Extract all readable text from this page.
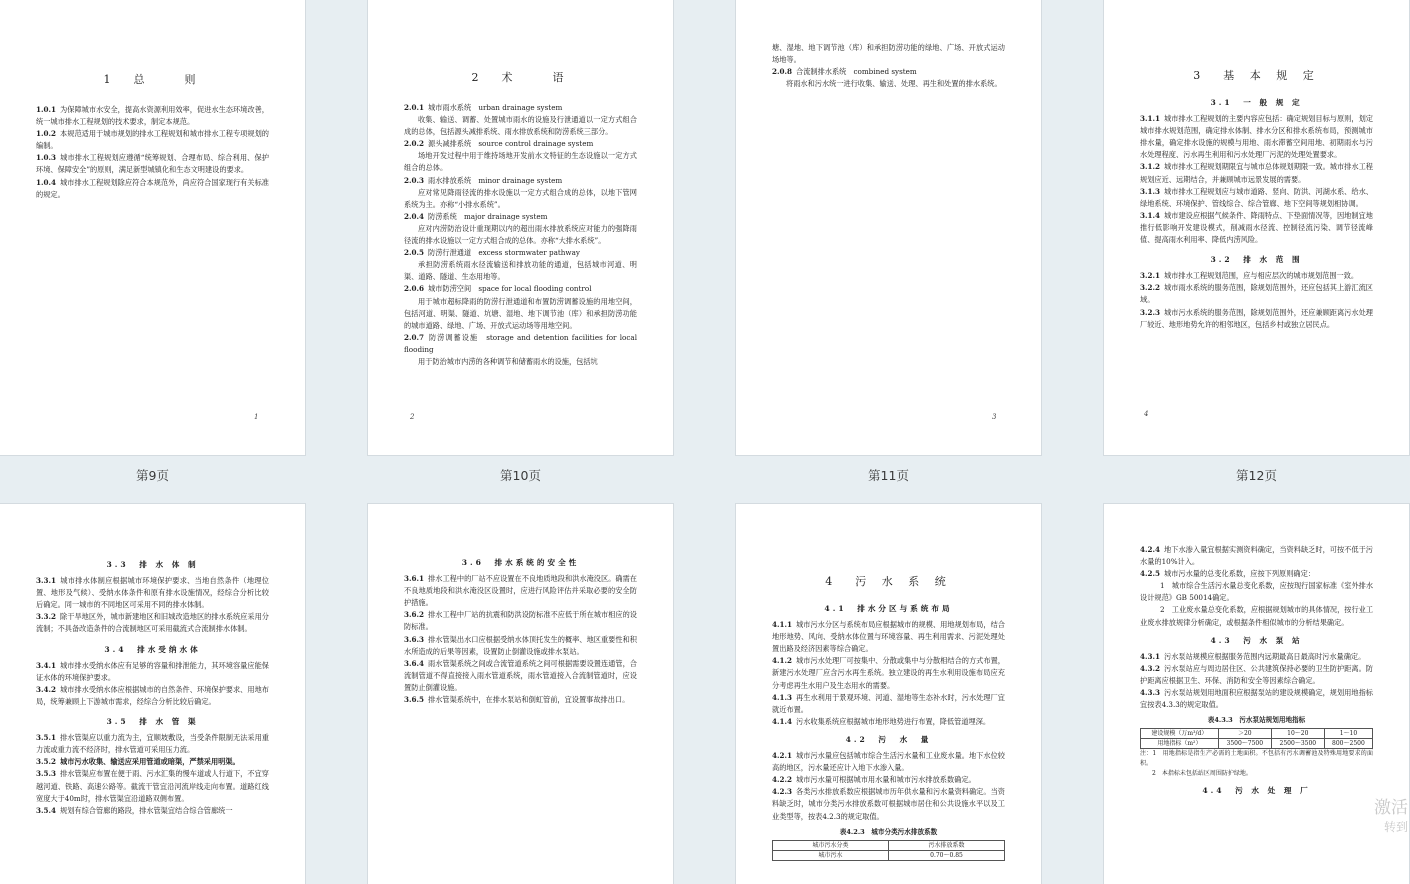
1　总　　则

1.0.1 为保障城市水安全，提高水资源利用效率，促进水生态环境改善，统一城市排水工程规划的技术要求，制定本规范。

1.0.2 本规范适用于城市规划的排水工程规划和城市排水工程专项规划的编制。

1.0.3 城市排水工程规划应遵循“统筹规划、合理布局、综合利用、保护环境、保障安全”的原则，满足新型城镇化和生态文明建设的要求。

1.0.4 城市排水工程规划除应符合本规范外，尚应符合国家现行有关标准的规定。

1
2　术　　语

2.0.1 城市雨水系统　urban drainage system

收集、输送、调蓄、处置城市雨水的设施及行泄通道以一定方式组合成的总体，包括源头减排系统、雨水排放系统和防涝系统三部分。

2.0.2 源头减排系统　source control drainage system

场地开发过程中用于维持场地开发前水文特征的生态设施以一定方式组合的总体。

2.0.3 雨水排放系统　minor drainage system

应对常见降雨径流的排水设施以一定方式组合成的总体，以地下管网系统为主。亦称“小排水系统”。

2.0.4 防涝系统　major drainage system

应对内涝防治设计重现期以内的超出雨水排放系统应对能力的强降雨径流的排水设施以一定方式组合成的总体。亦称“大排水系统”。

2.0.5 防涝行泄通道　excess stormwater pathway

承担防涝系统雨水径流输送和排放功能的通道，包括城市河道、明渠、道路、隧道、生态用地等。

2.0.6 城市防涝空间　space for local flooding control

用于城市超标降雨的防涝行泄通道和布置防涝调蓄设施的用地空间，包括河道、明渠、隧道、坑塘、湿地、地下调节池（库）和承担防涝功能的城市道路、绿地、广场、开放式运动场等用地空间。

2.0.7 防涝调蓄设施　storage and detention facilities for local flooding

用于防治城市内涝的各种调节和储蓄雨水的设施，包括坑

2

塘、湿地、地下调节池（库）和承担防涝功能的绿地、广场、开放式运动场地等。

2.0.8 合流制排水系统　combined system

将雨水和污水统一进行收集、输送、处理、再生和处置的排水系统。

3
3　基 本 规 定
3.1　一 般 规 定

3.1.1 城市排水工程规划的主要内容应包括：确定规划目标与原则，划定城市排水规划范围，确定排水体制、排水分区和排水系统布局，预测城市排水量，确定排水设施的规模与用地、雨水滞蓄空间用地、初期雨水与污水处理程度、污水再生利用和污水处理厂污泥的处理处置要求。

3.1.2 城市排水工程规划期限宜与城市总体规划期限一致。城市排水工程规划应近、远期结合，并兼顾城市远景发展的需要。

3.1.3 城市排水工程规划应与城市道路、竖向、防洪、河湖水系、给水、绿地系统、环境保护、管线综合、综合管廊、地下空间等规划相协调。

3.1.4 城市建设应根据气候条件、降雨特点、下垫面情况等，因地制宜地推行低影响开发建设模式，削减雨水径流、控制径流污染、调节径流峰值、提高雨水利用率、降低内涝风险。

3.2　排 水 范 围

3.2.1 城市排水工程规划范围，应与相应层次的城市规划范围一致。

3.2.2 城市雨水系统的服务范围，除规划范围外，还应包括其上游汇流区域。

3.2.3 城市污水系统的服务范围，除规划范围外，还应兼顾距离污水处理厂较近、地形地势允许的相邻地区，包括乡村或独立居民点。

4
第9页	第10页	第11页	第12页
3.3　排 水 体 制

3.3.1 城市排水体制应根据城市环境保护要求、当地自然条件（地理位置、地形及气候）、受纳水体条件和原有排水设施情况，经综合分析比较后确定。同一城市的不同地区可采用不同的排水体制。

3.3.2 除干旱地区外，城市新建地区和旧城改造地区的排水系统应采用分流制；不具备改造条件的合流制地区可采用截流式合流制排水体制。

3.4　排水受纳水体

3.4.1 城市排水受纳水体应有足够的容量和排泄能力，其环境容量应能保证水体的环境保护要求。

3.4.2 城市排水受纳水体应根据城市的自然条件、环境保护要求、用地布局，统筹兼顾上下游城市需求，经综合分析比较后确定。

3.5　排 水 管 渠

3.5.1 排水管渠应以重力流为主，宜顺坡敷设，当受条件限制无法采用重力流或重力流不经济时，排水管道可采用压力流。

3.5.2 城市污水收集、输送应采用管道或暗渠，严禁采用明渠。

3.5.3 排水管渠应布置在便于雨、污水汇集的慢车道或人行道下，不宜穿越河道、铁路、高速公路等。截流干管宜沿河流岸线走向布置。道路红线宽度大于40m时，排水管渠宜沿道路双侧布置。

3.5.4 规划有综合管廊的路段，排水管渠宜结合综合管廊统一

3.6　排水系统的安全性

3.6.1 排水工程中的厂站不应设置在不良地质地段和洪水淹没区。确需在不良地质地段和洪水淹没区设置时，应进行风险评估并采取必要的安全防护措施。

3.6.2 排水工程中厂站的抗震和防洪设防标准不应低于所在城市相应的设防标准。

3.6.3 排水管渠出水口应根据受纳水体顶托发生的概率、地区重要性和积水所造成的后果等因素，设置防止倒灌设施或排水泵站。

3.6.4 雨水管渠系统之间或合流管道系统之间可根据需要设置连通管，合流制管道不得直接接入雨水管道系统，雨水管道接入合流制管道时，应设置防止倒灌设施。

3.6.5 排水管渠系统中，在排水泵站和倒虹管前，宜设置事故排出口。

4　污 水 系 统
4.1　排水分区与系统布局

4.1.1 城市污水分区与系统布局应根据城市的规模、用地规划布局，结合地形地势、风向、受纳水体位置与环境容量、再生利用需求、污泥处理处置出路及经济因素等综合确定。

4.1.2 城市污水处理厂可按集中、分散或集中与分散相结合的方式布置，新建污水处理厂应含污水再生系统。独立建设的再生水利用设施布局应充分考虑再生水用户及生态用水的需要。

4.1.3 再生水利用于景观环境、河道、湿地等生态补水时，污水处理厂宜就近布置。

4.1.4 污水收集系统应根据城市地形地势进行布置，降低管道埋深。

4.2　污　水　量

4.2.1 城市污水量应包括城市综合生活污水量和工业废水量。地下水位较高的地区，污水量还应计入地下水渗入量。

4.2.2 城市污水量可根据城市用水量和城市污水排放系数确定。

4.2.3 各类污水排放系数应根据城市历年供水量和污水量资料确定。当资料缺乏时，城市分类污水排放系数可根据城市居住和公共设施水平以及工业类型等，按表4.2.3的规定取值。

表4.2.3　城市分类污水排放系数
城市污水分类	污水排放系数
城市污水	0.70～0.85

4.2.4 地下水渗入量宜根据实测资料确定，当资料缺乏时，可按不低于污水量的10%计入。

4.2.5 城市污水量的总变化系数，应按下列原则确定：

1　城市综合生活污水量总变化系数，应按现行国家标准《室外排水设计规范》GB 50014确定。

2　工业废水量总变化系数，应根据规划城市的具体情况，按行业工业废水排放规律分析确定，或根据条件相似城市的分析结果确定。

4.3　污 水 泵 站

4.3.1 污水泵站规模应根据服务范围内远期最高日最高时污水量确定。

4.3.2 污水泵站应与周边居住区、公共建筑保持必要的卫生防护距离。防护距离应根据卫生、环保、消防和安全等因素综合确定。

4.3.3 污水泵站规划用地面积应根据泵站的建设规模确定，规划用地指标宜按表4.3.3的规定取值。

表4.3.3　污水泵站规划用地指标
建设规模（万m³/d）	＞20	10～20	1～10
用地指标（m²）	3500～7500	2500～3500	800～2500

注：1　用地指标是指生产必需的土地面积。不包括有污水调蓄池及特殊用地要求的面积。

　　2　本指标未包括站区周围防护绿地。

4.4　污 水 处 理 厂
激活
转到
